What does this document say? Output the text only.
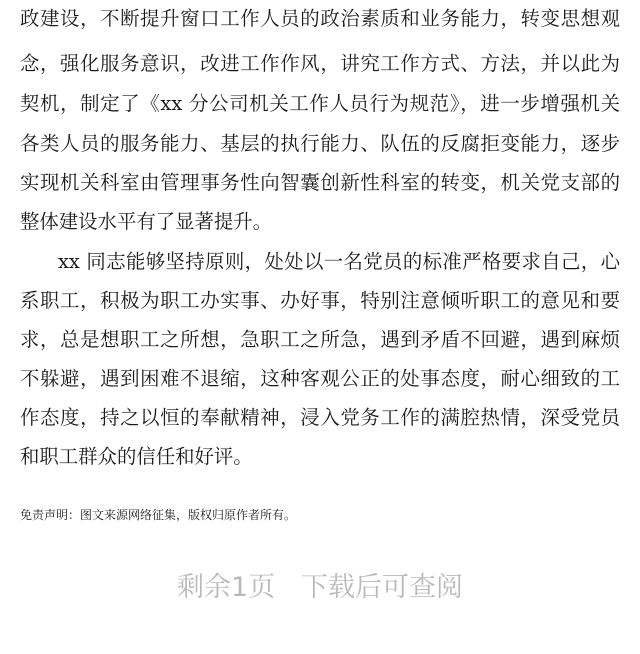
政建设，不断提升窗口工作人员的政治素质和业务能力，转变思想观
念，强化服务意识，改进工作作风，讲究工作方式、方法，并以此为
契机，制定了《xx 分公司机关工作人员行为规范》，进一步增强机关
各类人员的服务能力、基层的执行能力、队伍的反腐拒变能力，逐步
实现机关科室由管理事务性向智囊创新性科室的转变，机关党支部的
整体建设水平有了显著提升。
xx 同志能够坚持原则，处处以一名党员的标准严格要求自己，心
系职工，积极为职工办实事、办好事，特别注意倾听职工的意见和要
求，总是想职工之所想，急职工之所急，遇到矛盾不回避，遇到麻烦
不躲避，遇到困难不退缩，这种客观公正的处事态度，耐心细致的工
作态度，持之以恒的奉献精神，浸入党务工作的满腔热情，深受党员
和职工群众的信任和好评。
免责声明：图文来源网络征集，版权归原作者所有。
剩余1页   下载后可查阅
